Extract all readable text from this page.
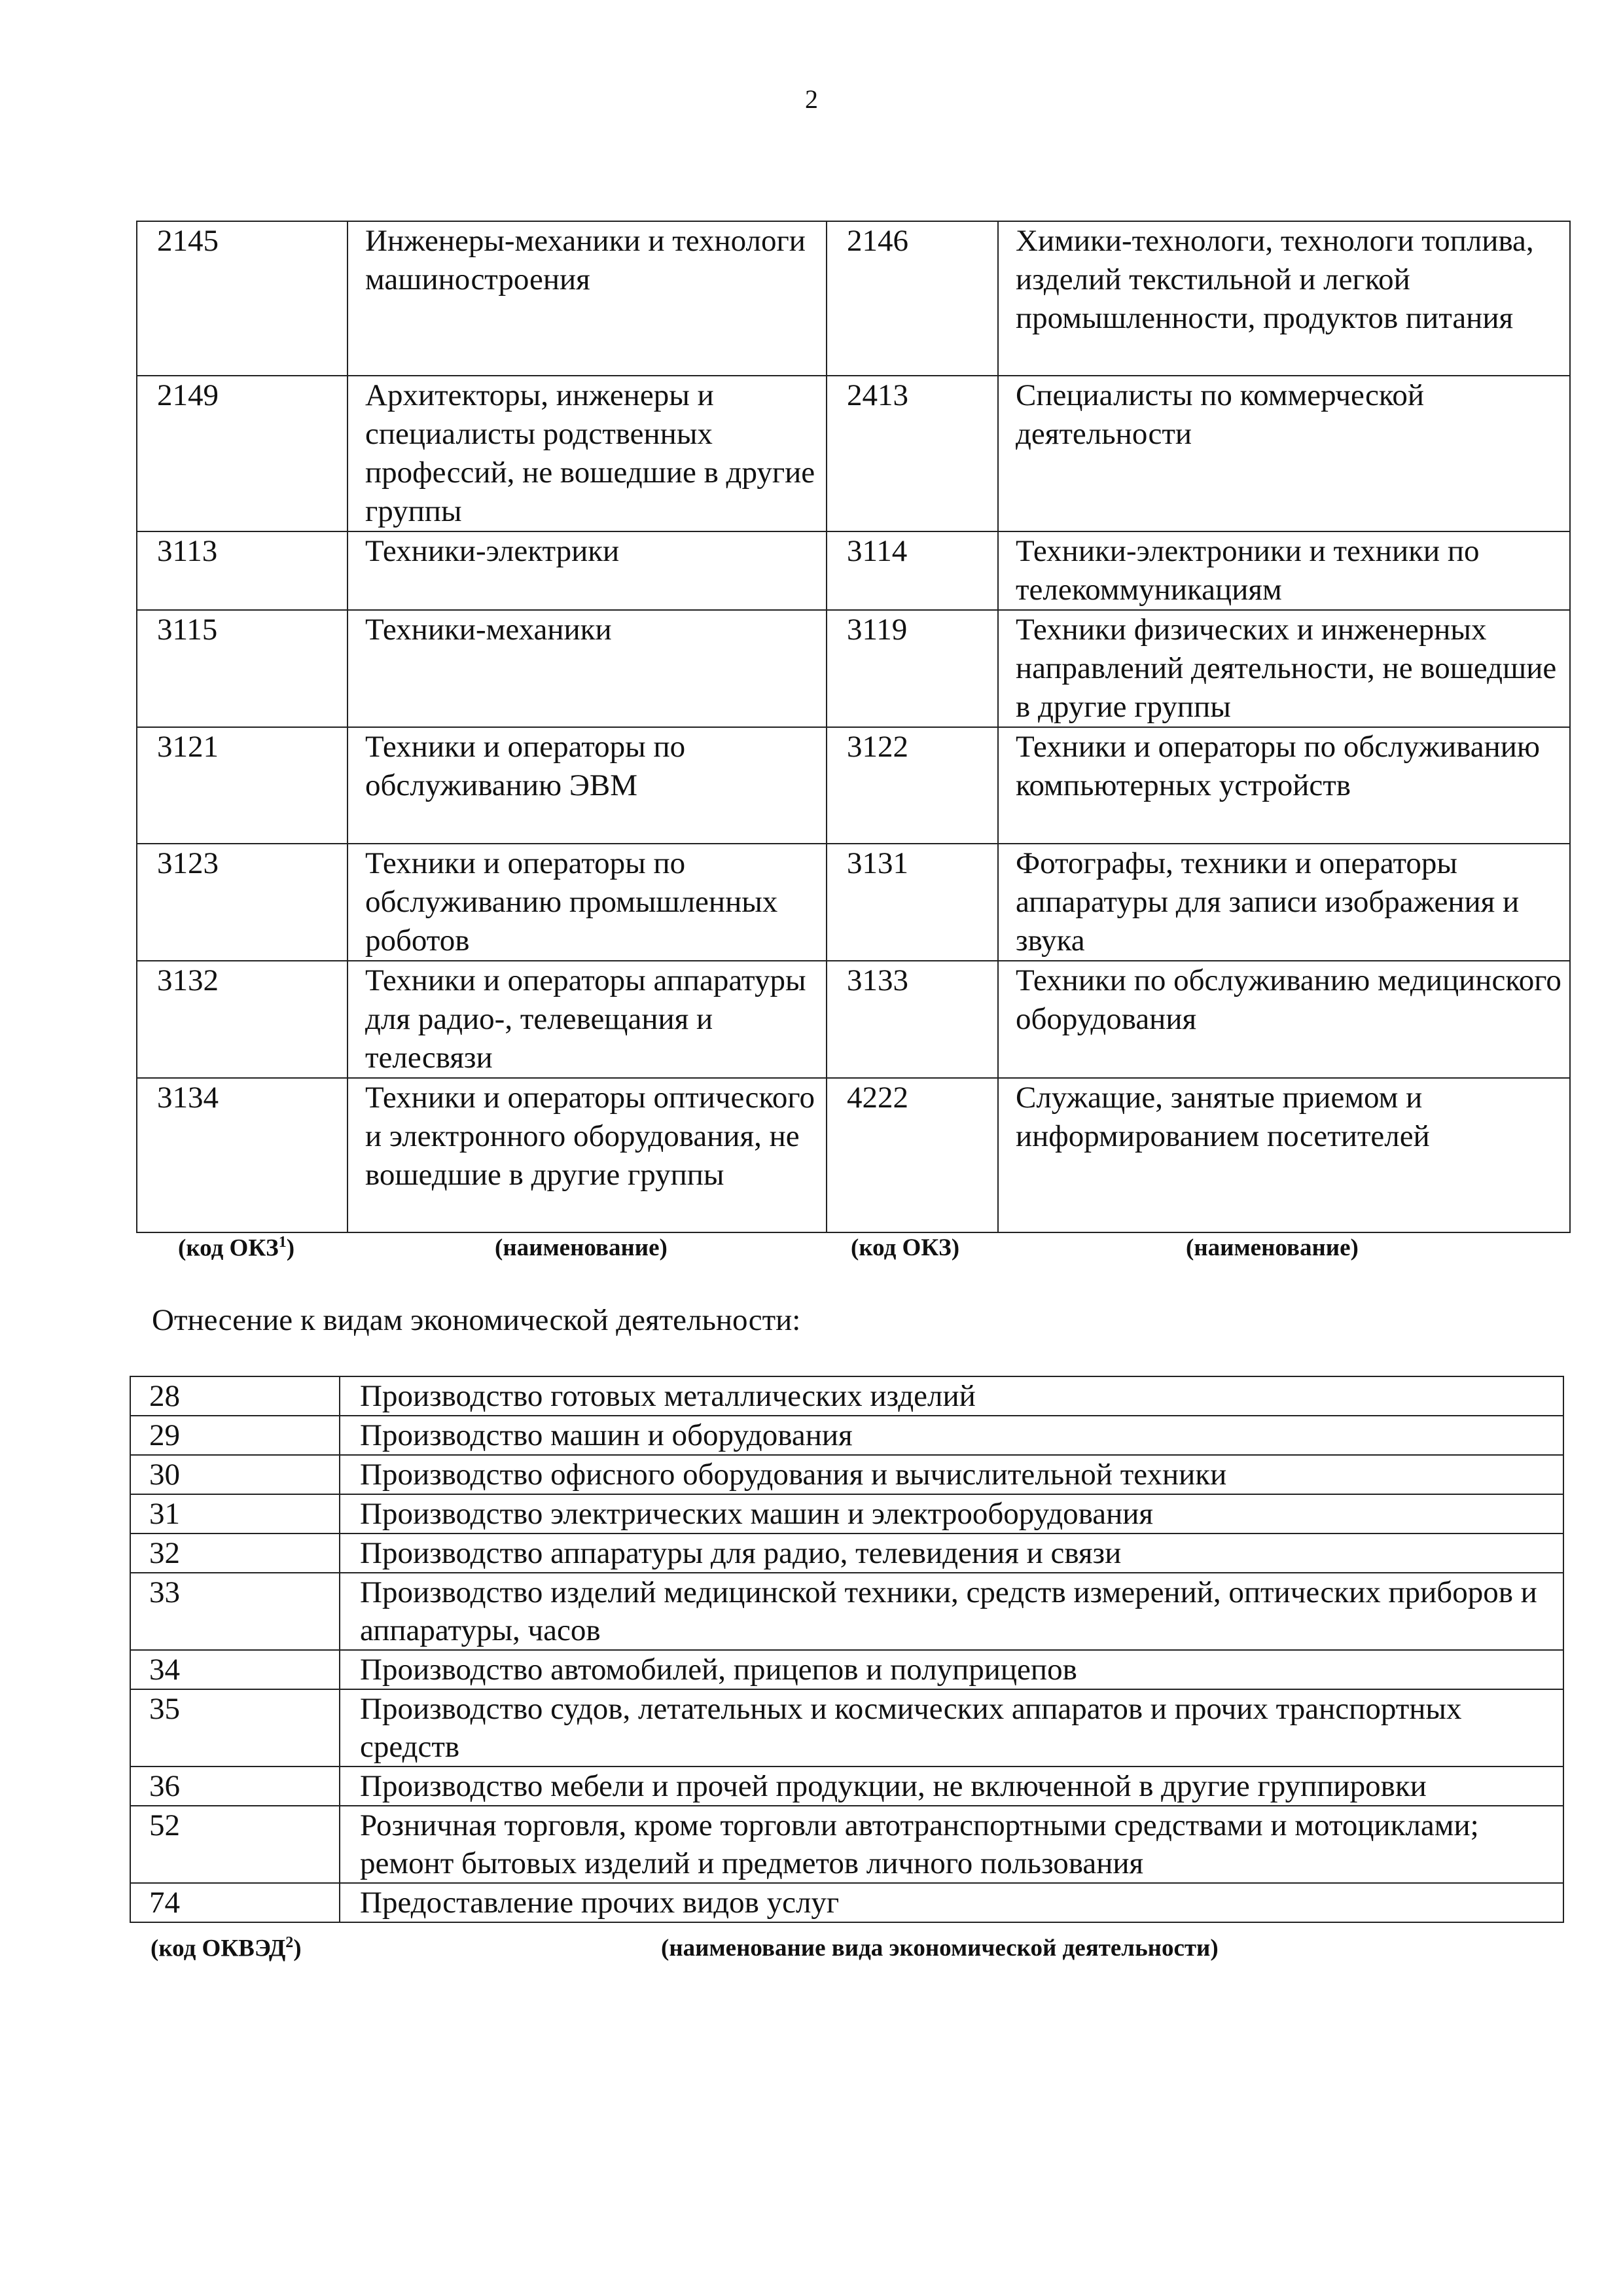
2
2145	Инженеры-механики и технологи машиностроения	2146	Химики-технологи, технологи топлива, изделий текстильной и легкой промышленности, продуктов питания
2149	Архитекторы, инженеры и специалисты родственных профессий, не вошедшие в другие группы	2413	Специалисты по коммерческой деятельности
3113	Техники-электрики	3114	Техники-электроники и техники по телекоммуникациям
3115	Техники-механики	3119	Техники физических и инженерных направлений деятельности, не вошедшие в другие группы
3121	Техники и операторы по обслуживанию ЭВМ	3122	Техники и операторы по обслуживанию компьютерных устройств
3123	Техники и операторы по обслуживанию промышленных роботов	3131	Фотографы, техники и операторы аппаратуры для записи изображения и звука
3132	Техники и операторы аппаратуры для радио-, телевещания и телесвязи	3133	Техники по обслуживанию медицинского оборудования
3134	Техники и операторы оптического и электронного оборудования, не вошедшие в другие группы	4222	Служащие, занятые приемом и информированием посетителей
(код ОКЗ$^1$)	(наименование)	(код ОКЗ)	(наименование)
Отнесение к видам экономической деятельности:
28	Производство готовых металлических изделий
29	Производство машин и оборудования
30	Производство офисного оборудования и вычислительной техники
31	Производство электрических машин и электрооборудования
32	Производство аппаратуры для радио, телевидения и связи
33	Производство изделий медицинской техники, средств измерений, оптических приборов и аппаратуры, часов
34	Производство автомобилей, прицепов и полуприцепов
35	Производство судов, летательных и космических аппаратов и прочих транспортных средств
36	Производство мебели и прочей продукции, не включенной в другие группировки
52	Розничная торговля, кроме торговли автотранспортными средствами и мотоциклами; ремонт бытовых изделий и предметов личного пользования
74	Предоставление прочих видов услуг
(код ОКВЭД$^2$)	(наименование вида экономической деятельности)
